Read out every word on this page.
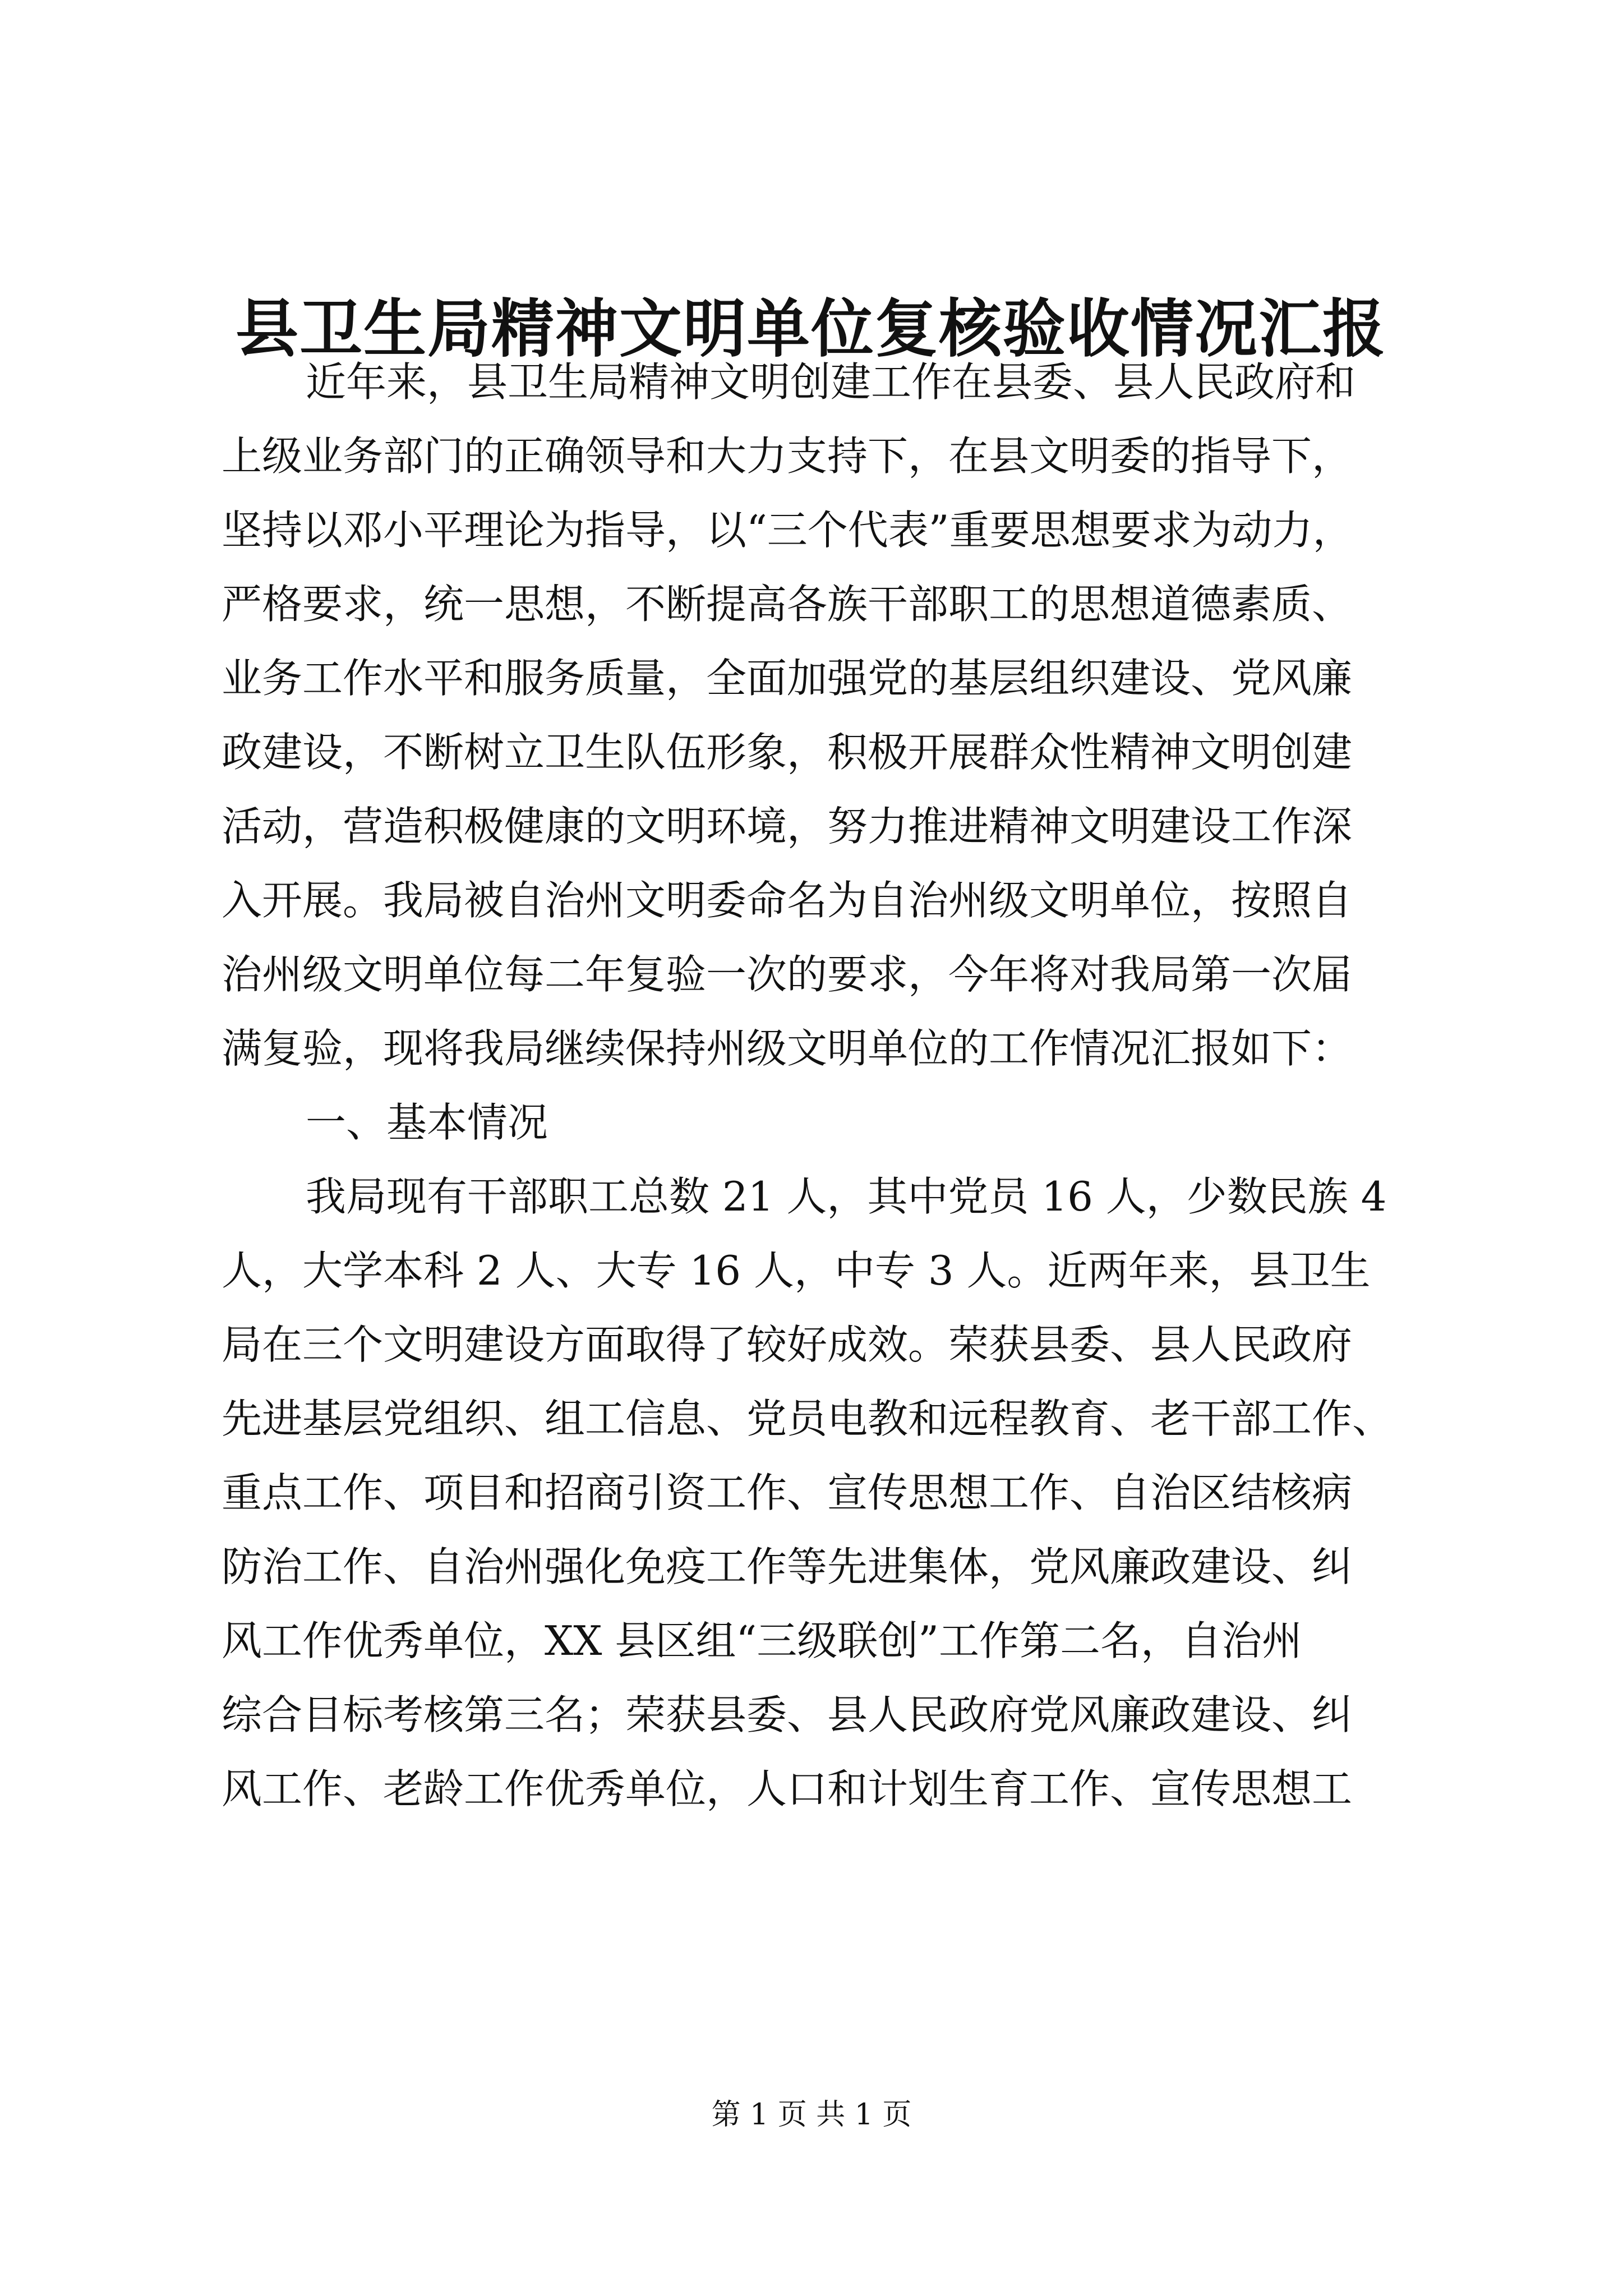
县卫生局精神文明单位复核验收情况汇报
近年来，县卫生局精神文明创建工作在县委、县人民政府和
上级业务部门的正确领导和大力支持下，在县文明委的指导下，
坚持以邓小平理论为指导，以“三个代表”重要思想要求为动力，
严格要求，统一思想，不断提高各族干部职工的思想道德素质、
业务工作水平和服务质量，全面加强党的基层组织建设、党风廉
政建设，不断树立卫生队伍形象，积极开展群众性精神文明创建
活动，营造积极健康的文明环境，努力推进精神文明建设工作深
入开展。我局被自治州文明委命名为自治州级文明单位，按照自
治州级文明单位每二年复验一次的要求，今年将对我局第一次届
满复验，现将我局继续保持州级文明单位的工作情况汇报如下：
一、基本情况
我局现有干部职工总数 21 人，其中党员 16 人，少数民族 4
人，大学本科 2 人、大专 16 人，中专 3 人。近两年来，县卫生
局在三个文明建设方面取得了较好成效。荣获县委、县人民政府
先进基层党组织、组工信息、党员电教和远程教育、老干部工作、
重点工作、项目和招商引资工作、宣传思想工作、自治区结核病
防治工作、自治州强化免疫工作等先进集体，党风廉政建设、纠
风工作优秀单位，XX 县区组“三级联创”工作第二名，自治州
综合目标考核第三名；荣获县委、县人民政府党风廉政建设、纠
风工作、老龄工作优秀单位，人口和计划生育工作、宣传思想工
第 1 页 共 1 页
